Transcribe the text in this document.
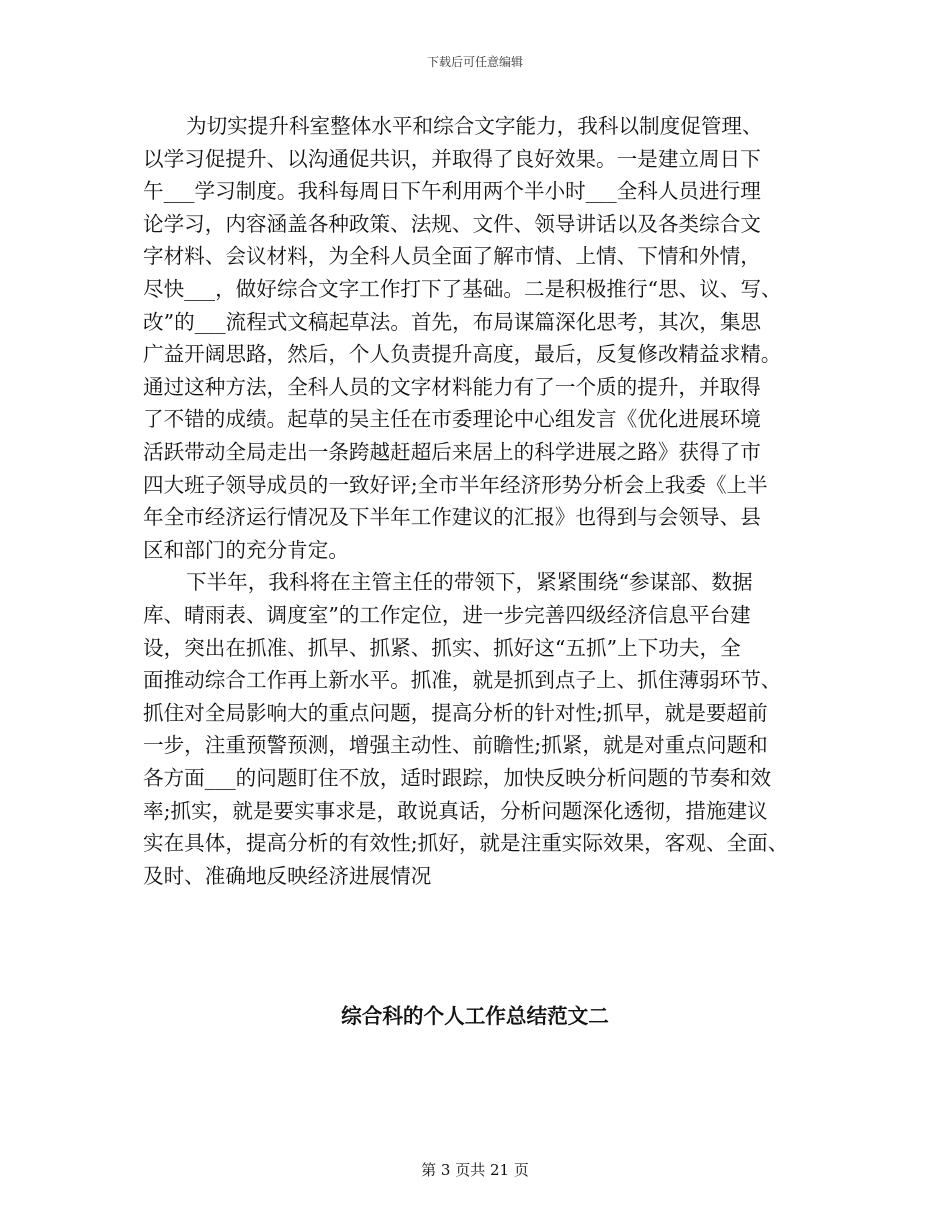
下载后可任意编辑
为切实提升科室整体水平和综合文字能力，我科以制度促管理、
以学习促提升、以沟通促共识，并取得了良好效果。一是建立周日下
午___学习制度。我科每周日下午利用两个半小时___全科人员进行理
论学习，内容涵盖各种政策、法规、文件、领导讲话以及各类综合文
字材料、会议材料，为全科人员全面了解市情、上情、下情和外情，
尽快___，做好综合文字工作打下了基础。二是积极推行“思、议、写、
改”的___流程式文稿起草法。首先，布局谋篇深化思考，其次，集思
广益开阔思路，然后，个人负责提升高度，最后，反复修改精益求精。
通过这种方法，全科人员的文字材料能力有了一个质的提升，并取得
了不错的成绩。起草的吴主任在市委理论中心组发言《优化进展环境
活跃带动全局走出一条跨越赶超后来居上的科学进展之路》获得了市
四大班子领导成员的一致好评;全市半年经济形势分析会上我委《上半
年全市经济运行情况及下半年工作建议的汇报》也得到与会领导、县
区和部门的充分肯定。
下半年，我科将在主管主任的带领下，紧紧围绕“参谋部、数据
库、晴雨表、调度室”的工作定位，进一步完善四级经济信息平台建
设，突出在抓准、抓早、抓紧、抓实、抓好这“五抓”上下功夫，全
面推动综合工作再上新水平。抓准，就是抓到点子上、抓住薄弱环节、
抓住对全局影响大的重点问题，提高分析的针对性;抓早，就是要超前
一步，注重预警预测，增强主动性、前瞻性;抓紧，就是对重点问题和
各方面___的问题盯住不放，适时跟踪，加快反映分析问题的节奏和效
率;抓实，就是要实事求是，敢说真话，分析问题深化透彻，措施建议
实在具体，提高分析的有效性;抓好，就是注重实际效果，客观、全面、
及时、准确地反映经济进展情况
综合科的个人工作总结范文二
第 3 页共 21 页
